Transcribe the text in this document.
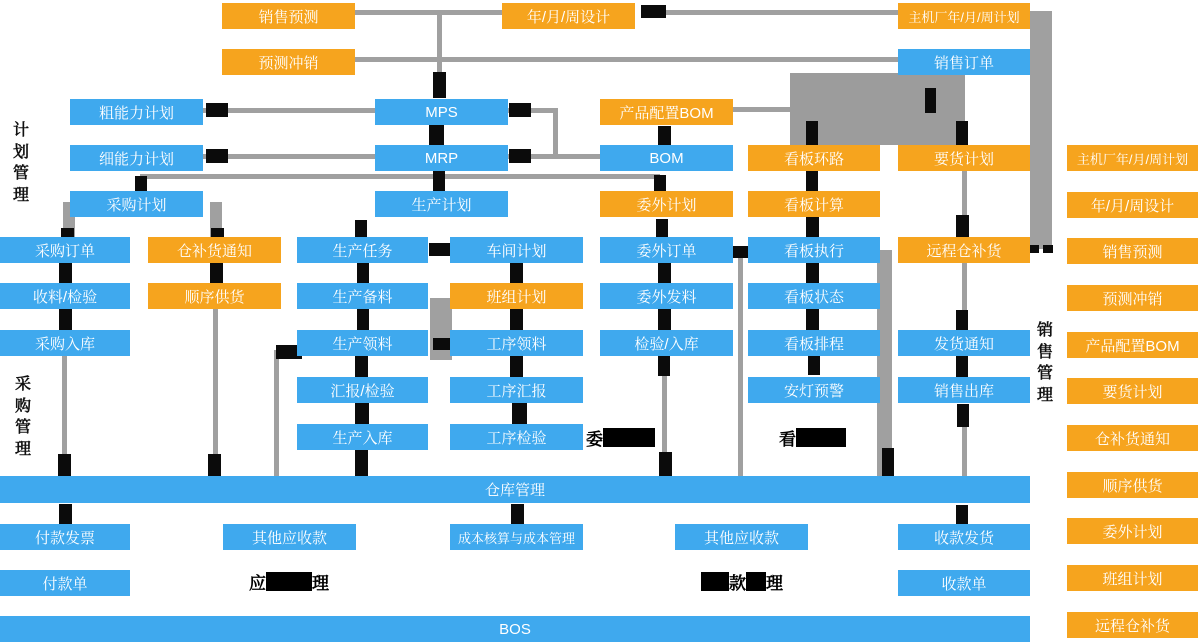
销售预测	年/月/周设计	主机厂年/月/周计划
预测冲销	销售订单
粗能力计划	MPS	产品配置BOM
细能力计划	MRP	BOM	看板环路	要货计划
采购计划	生产计划	委外计划	看板计算
采购订单	仓补货通知	生产任务	车间计划	委外订单	看板执行	远程仓补货
收料/检验	顺序供货	生产备料	班组计划	委外发料	看板状态
采购入库	生产领料	工序领料	检验/入库	看板排程	发货通知
汇报/检验	工序汇报	安灯预警	销售出库
生产入库	工序检验	委	看
仓库管理
付款发票	其他应收款	成本核算与成本管理	其他应收款	收款发货
付款单	收款单
应	理	款 理
BOS
主机厂年/月/周计划
年/月/周设计
销售预测
预测冲销
产品配置BOM
要货计划
仓补货通知
顺序供货
委外计划
班组计划
远程仓补货
计划管理
采购管理
销售管理
